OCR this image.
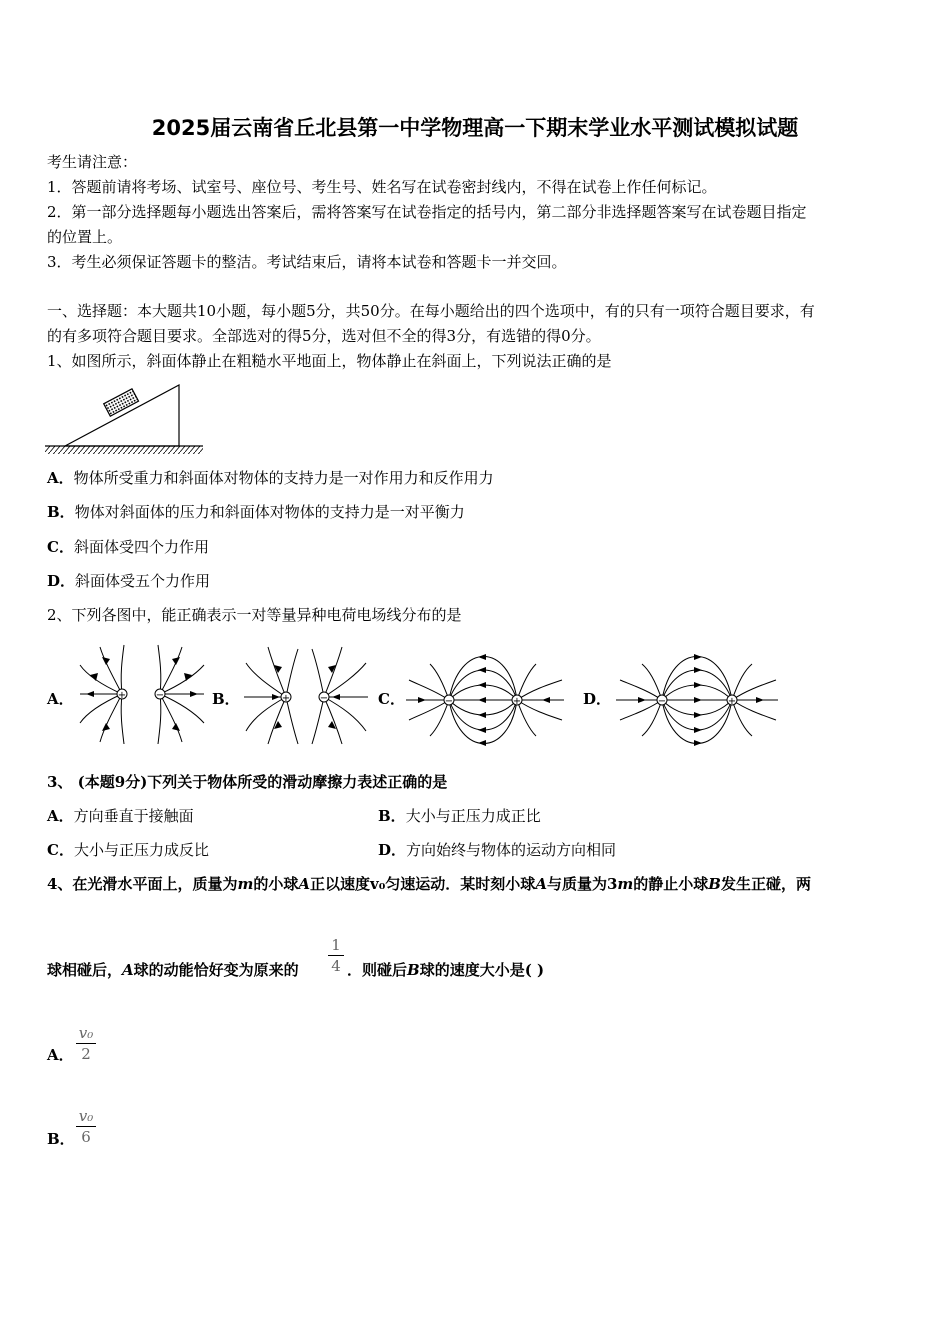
2025届云南省丘北县第一中学物理高一下期末学业水平测试模拟试题
考生请注意：
1．答题前请将考场、试室号、座位号、考生号、姓名写在试卷密封线内，不得在试卷上作任何标记。
2．第一部分选择题每小题选出答案后，需将答案写在试卷指定的括号内，第二部分非选择题答案写在试卷题目指定
的位置上。
3．考生必须保证答题卡的整洁。考试结束后，请将本试卷和答题卡一并交回。
一、选择题：本大题共10小题，每小题5分，共50分。在每小题给出的四个选项中，有的只有一项符合题目要求，有
的有多项符合题目要求。全部选对的得5分，选对但不全的得3分，有选错的得0分。
1、如图所示，斜面体静止在粗糙水平地面上，物体静止在斜面上，下列说法正确的是
A．物体所受重力和斜面体对物体的支持力是一对作用力和反作用力
B．物体对斜面体的压力和斜面体对物体的支持力是一对平衡力
C．斜面体受四个力作用
D．斜面体受五个力作用
2、下列各图中，能正确表示一对等量异种电荷电场线分布的是
A．	B．	C．	D．
+	−	+	−	−	+	−	+
3、 (本题9分)下列关于物体所受的滑动摩擦力表述正确的是
A．方向垂直于接触面	B．大小与正压力成正比
C．大小与正压力成反比	D．方向始终与物体的运动方向相同
4、在光滑水平面上，质量为m的小球A正以速度v₀匀速运动．某时刻小球A与质量为3m的静止小球B发生正碰，两
球相碰后，A球的动能恰好变为原来的
1
4 ．则碰后B球的速度大小是( )
A．
v₀
2
B．
v₀
6
